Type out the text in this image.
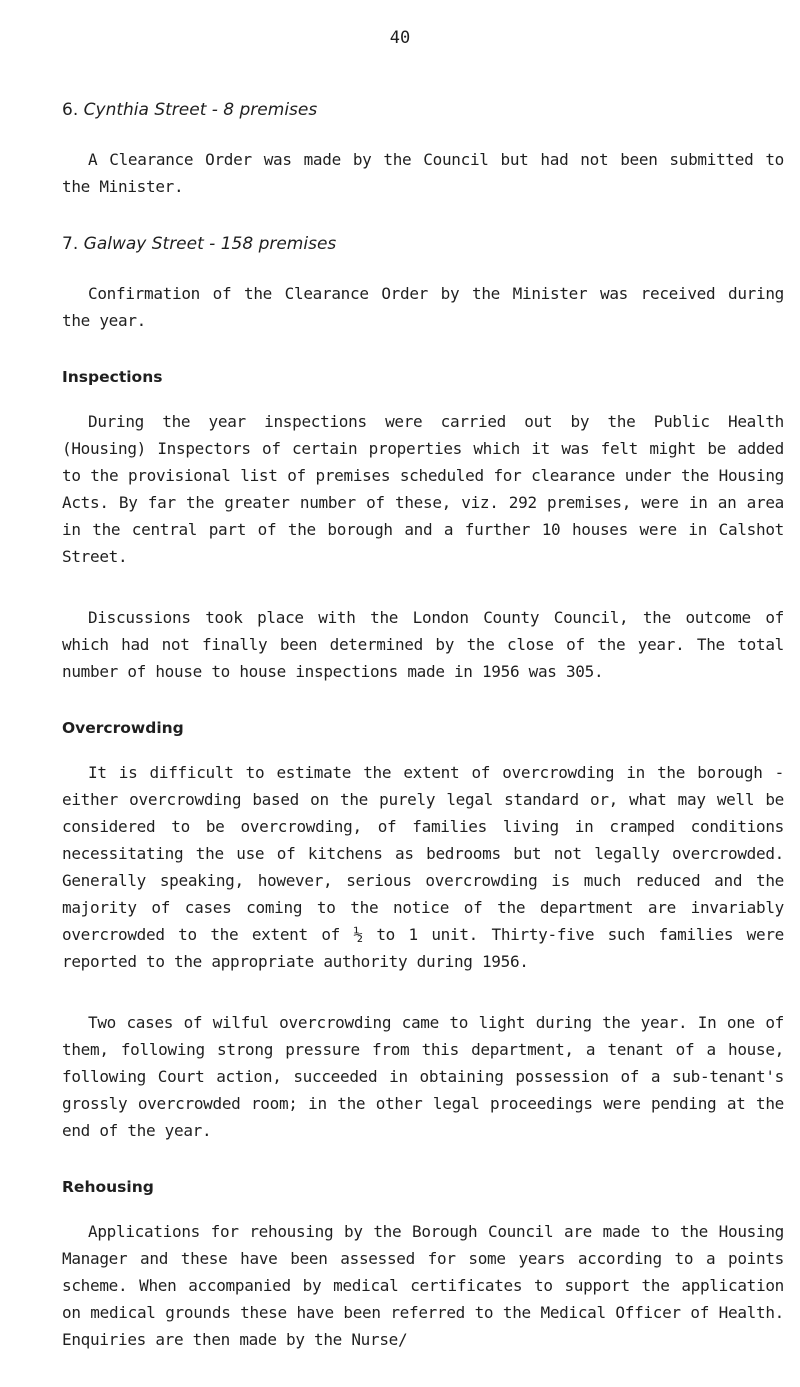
40
6. Cynthia Street - 8 premises

A Clearance Order was made by the Council but had not been submitted to the Minister.

7. Galway Street - 158 premises

Confirmation of the Clearance Order by the Minister was received during the year.

Inspections

During the year inspections were carried out by the Public Health (Housing) Inspectors of certain properties which it was felt might be added to the provisional list of premises scheduled for clearance under the Housing Acts. By far the greater number of these, viz. 292 premises, were in an area in the central part of the borough and a further 10 houses were in Calshot Street.

Discussions took place with the London County Council, the outcome of which had not finally been determined by the close of the year. The total number of house to house inspections made in 1956 was 305.

Overcrowding

It is difficult to estimate the extent of overcrowding in the borough - either overcrowding based on the purely legal standard or, what may well be considered to be overcrowding, of families living in cramped conditions necessitating the use of kitchens as bedrooms but not legally overcrowded. Generally speaking, however, serious overcrowding is much reduced and the majority of cases coming to the notice of the department are invariably overcrowded to the extent of ½ to 1 unit. Thirty-five such families were reported to the appropriate authority during 1956.

Two cases of wilful overcrowding came to light during the year. In one of them, following strong pressure from this department, a tenant of a house, following Court action, succeeded in obtaining possession of a sub-tenant's grossly overcrowded room; in the other legal proceedings were pending at the end of the year.

Rehousing

Applications for rehousing by the Borough Council are made to the Housing Manager and these have been assessed for some years according to a points scheme. When accompanied by medical certificates to support the application on medical grounds these have been referred to the Medical Officer of Health. Enquiries are then made by the Nurse/
